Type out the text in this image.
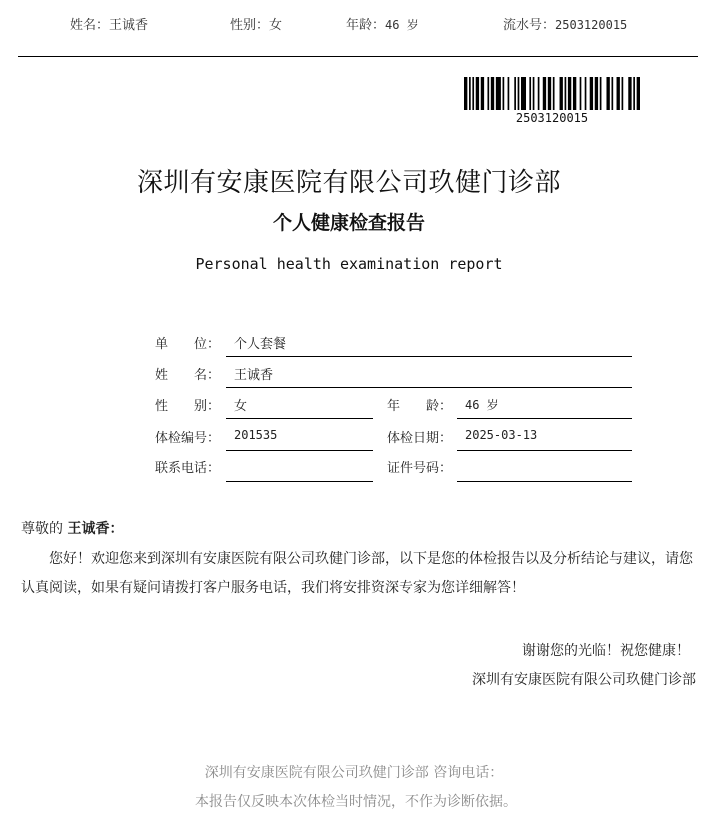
姓名：王诚香	性别：女	年龄：46 岁	流水号：2503120015
2503120015
深圳有安康医院有限公司玖健门诊部
个人健康检查报告
Personal health examination report
单 位： 个人套餐
姓 名： 王诚香
性 别： 女	年 龄： 46 岁
体检编号： 201535	体检日期： 2025-03-13
联系电话：	证件号码：
尊敬的 王诚香：
您好！欢迎您来到深圳有安康医院有限公司玖健门诊部，以下是您的体检报告以及分析结论与建议，请您认真阅读，如果有疑问请拨打客户服务电话，我们将安排资深专家为您详细解答！
谢谢您的光临！祝您健康！
深圳有安康医院有限公司玖健门诊部
深圳有安康医院有限公司玖健门诊部 咨询电话：
本报告仅反映本次体检当时情况，不作为诊断依据。
